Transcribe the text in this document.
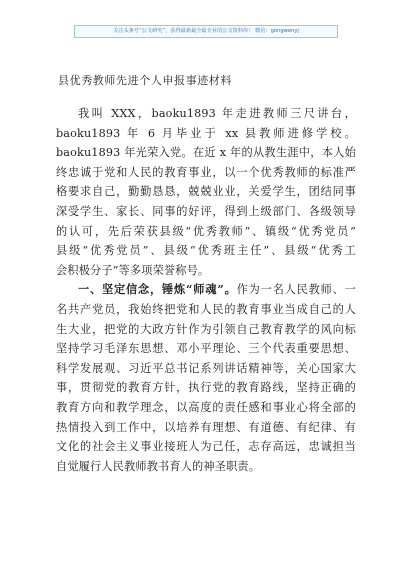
关注头条号“公文研究”，获得最新最全最专业的公文资料库！ 微信：gongwenyj
县优秀教师先进个人申报事迹材料
我叫 XXX，baoku1893 年走进教师三尺讲台，
baoku1893 年 6 月毕业于 xx 县教师进修学校。
baoku1893 年光荣入党。在近 x 年的从教生涯中，本人始
终忠诚于党和人民的教育事业，以一个优秀教师的标准严
格要求自己，勤勤恳恳，兢兢业业，关爱学生，团结同事
深受学生、家长、同事的好评，得到上级部门、各级领导
的认可，先后荣获县级“优秀教师”、镇级“优秀党员”
县级“优秀党员”、县级“优秀班主任”、县级“优秀工
会积极分子”等多项荣誉称号。
一、坚定信念，锤炼“师魂”。作为一名人民教师、一
名共产党员，我始终把党和人民的教育事业当成自己的人
生大业，把党的大政方针作为引领自己教育教学的风向标
坚持学习毛泽东思想、邓小平理论、三个代表重要思想、
科学发展观、习近平总书记系列讲话精神等，关心国家大
事，贯彻党的教育方针，执行党的教育路线，坚持正确的
教育方向和教学理念，以高度的责任感和事业心将全部的
热情投入到工作中，以培养有理想、有道德、有纪律、有
文化的社会主义事业接班人为己任，志存高远，忠诚担当
自觉履行人民教师教书育人的神圣职责。
